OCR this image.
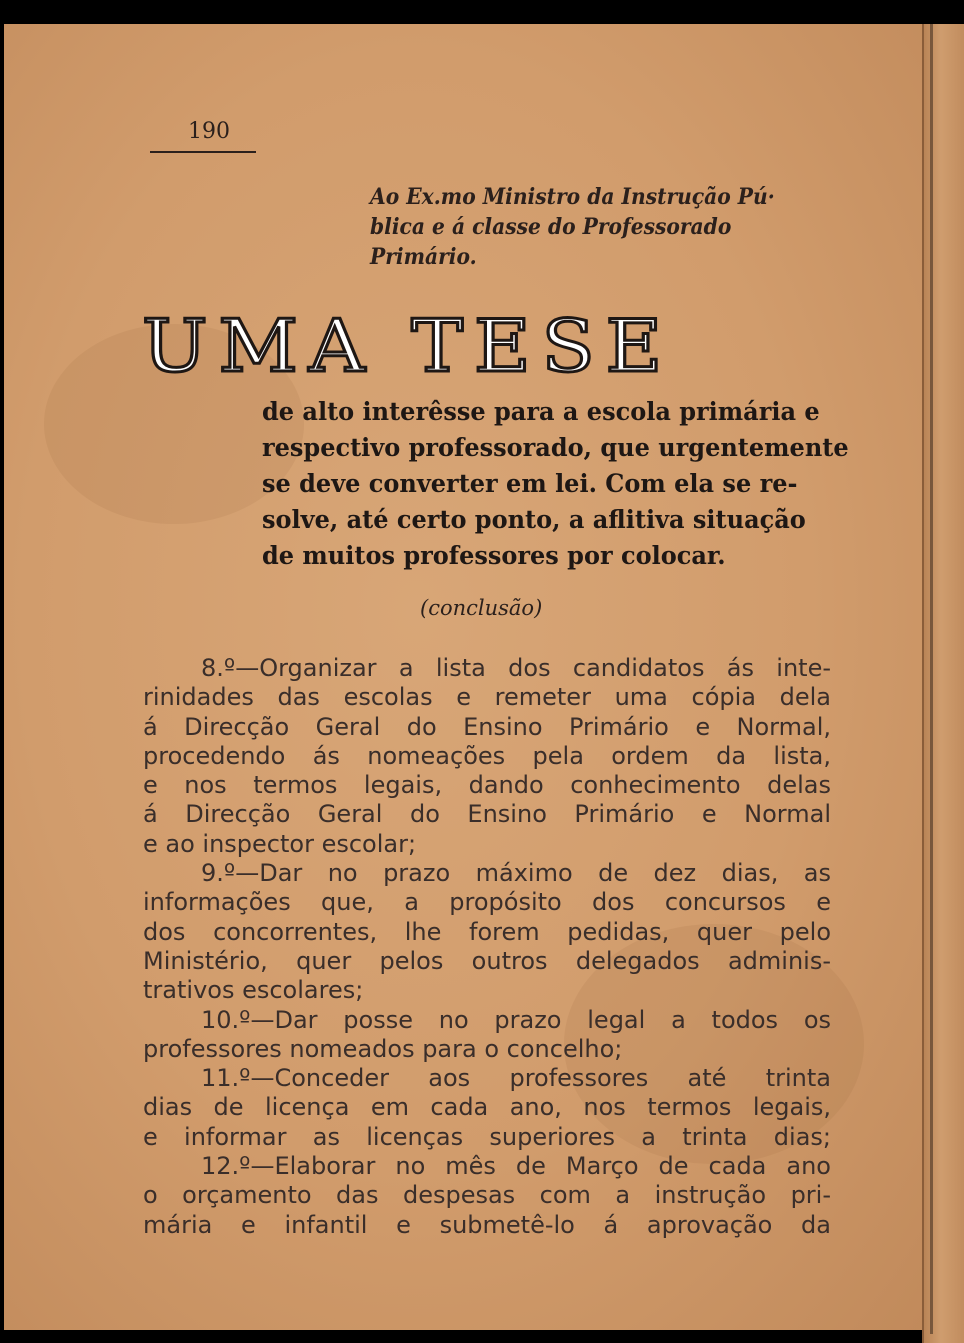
190
Ao Ex.mo Ministro da Instrução Pú·
blica e á classe do Professorado
Primário.
UMA TESE
de alto interêsse para a escola primária e
respectivo professorado, que urgentemente
se deve converter em lei. Com ela se re-
solve, até certo ponto, a aflitiva situação
de muitos professores por colocar.
(conclusão)
8.º—Organizar a lista dos candidatos ás inte-
rinidades das escolas e remeter uma cópia dela
á Direcção Geral do Ensino Primário e Normal,
procedendo ás nomeações pela ordem da lista,
e nos termos legais, dando conhecimento delas
á Direcção Geral do Ensino Primário e Normal
e ao inspector escolar;
9.º—Dar no prazo máximo de dez dias, as
informações que, a propósito dos concursos e
dos concorrentes, lhe forem pedidas, quer pelo
Ministério, quer pelos outros delegados adminis-
trativos escolares;
10.º—Dar posse no prazo legal a todos os
professores nomeados para o concelho;
11.º—Conceder aos professores até trinta
dias de licença em cada ano, nos termos legais,
e informar as licenças superiores a trinta dias;
12.º—Elaborar no mês de Março de cada ano
o orçamento das despesas com a instrução pri-
mária e infantil e submetê-lo á aprovação da
